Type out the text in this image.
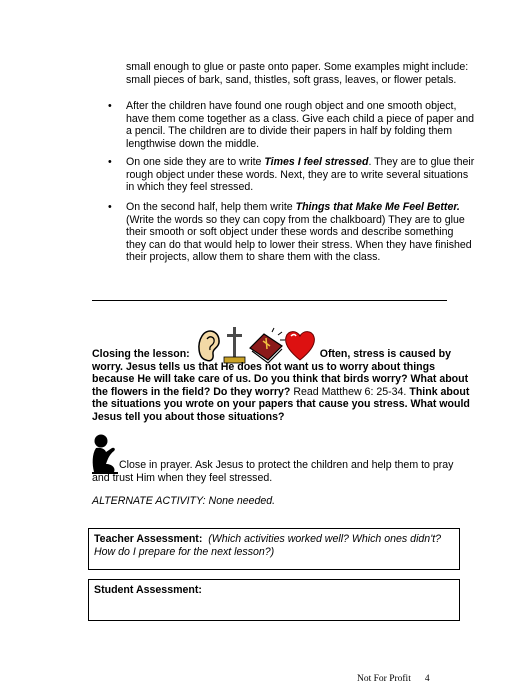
small enough to glue or paste onto paper. Some examples might include: small pieces of bark, sand, thistles, soft grass, leaves, or flower petals.
• After the children have found one rough object and one smooth object, have them come together as a class. Give each child a piece of paper and a pencil. The children are to divide their papers in half by folding them lengthwise down the middle.
• On one side they are to write Times I feel stressed. They are to glue their rough object under these words. Next, they are to write several situations in which they feel stressed.
• On the second half, help them write Things that Make Me Feel Better. (Write the words so they can copy from the chalkboard) They are to glue their smooth or soft object under these words and describe something they can do that would help to lower their stress. When they have finished their projects, allow them to share them with the class.
Closing the lesson:	Often, stress is caused by worry. Jesus tells us that He does not want us to worry about things because He will take care of us. Do you think that birds worry? What about the flowers in the field? Do they worry? Read Matthew 6: 25-34. Think about the situations you wrote on your papers that cause you stress. What would Jesus tell you about those situations?
Close in prayer. Ask Jesus to protect the children and help them to pray and trust Him when they feel stressed.
ALTERNATE ACTIVITY: None needed.
Teacher Assessment: (Which activities worked well? Which ones didn't? How do I prepare for the next lesson?)
Student Assessment:
Not For Profit 4
